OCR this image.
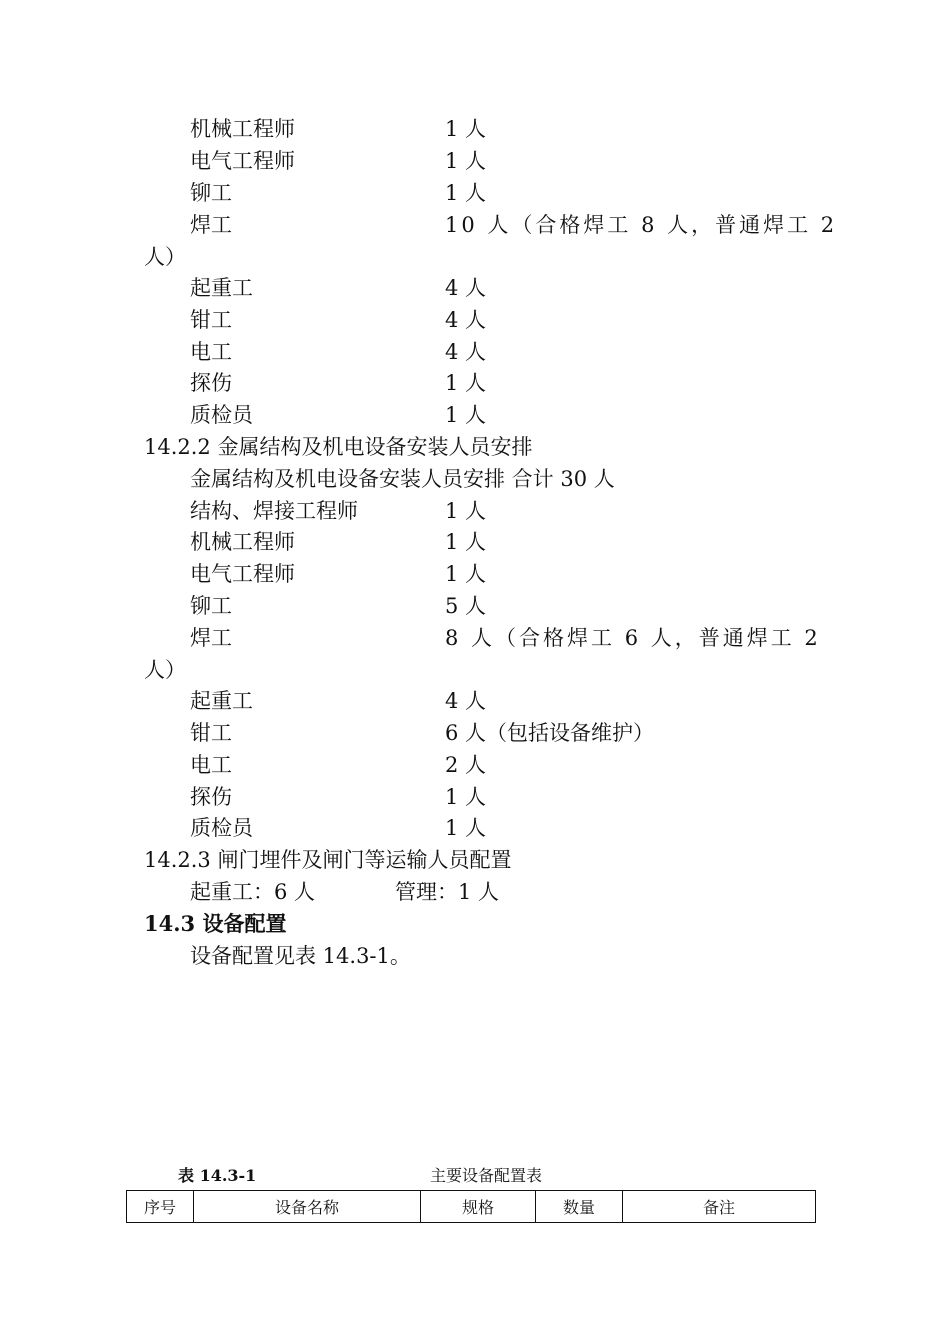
机械工程师	1 人
电气工程师	1 人
铆工	1 人
焊工	10 人（合格焊工 8 人，普通焊工 2
人）
起重工	4 人
钳工	4 人
电工	4 人
探伤	1 人
质检员	1 人
14.2.2 金属结构及机电设备安装人员安排
金属结构及机电设备安装人员安排 合计 30 人
结构、焊接工程师	1 人
机械工程师	1 人
电气工程师	1 人
铆工	5 人
焊工	8 人（合格焊工 6 人，普通焊工 2
人）
起重工	4 人
钳工	6 人（包括设备维护）
电工	2 人
探伤	1 人
质检员	1 人
14.2.3 闸门埋件及闸门等运输人员配置
起重工：6 人	管理：1 人
14.3 设备配置
设备配置见表 14.3-1。
表 14.3-1	主要设备配置表
序号	设备名称	规格	数量	备注
